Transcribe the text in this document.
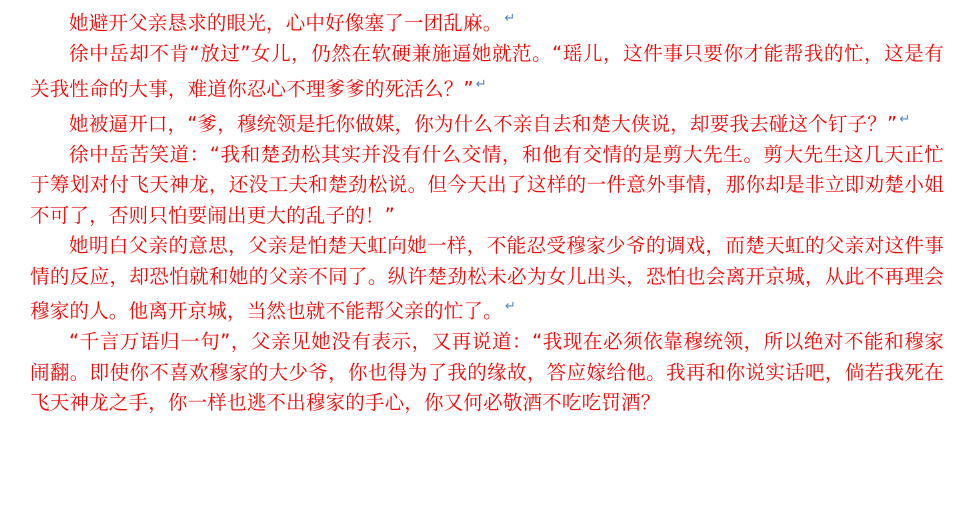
她避开父亲恳求的眼光，心中好像塞了一团乱麻。 ↵

徐中岳却不肯“放过”女儿，仍然在软硬兼施逼她就范。“瑶儿，这件事只要你才能帮我的忙，这是有关我性命的大事，难道你忍心不理爹爹的死活么？” ↵

她被逼开口，“爹，穆统领是托你做媒，你为什么不亲自去和楚大侠说，却要我去碰这个钉子？” ↵

徐中岳苦笑道：“我和楚劲松其实并没有什么交情，和他有交情的是剪大先生。剪大先生这几天正忙于筹划对付飞天神龙，还没工夫和楚劲松说。但今天出了这样的一件意外事情，那你却是非立即劝楚小姐不可了，否则只怕要闹出更大的乱子的！”

她明白父亲的意思，父亲是怕楚天虹向她一样，不能忍受穆家少爷的调戏，而楚天虹的父亲对这件事情的反应，却恐怕就和她的父亲不同了。纵许楚劲松未必为女儿出头，恐怕也会离开京城，从此不再理会穆家的人。他离开京城，当然也就不能帮父亲的忙了。 ↵

“千言万语归一句”，父亲见她没有表示，又再说道：“我现在必须依靠穆统领，所以绝对不能和穆家闹翻。即使你不喜欢穆家的大少爷，你也得为了我的缘故，答应嫁给他。我再和你说实话吧，倘若我死在飞天神龙之手，你一样也逃不出穆家的手心，你又何必敬酒不吃吃罚酒？
